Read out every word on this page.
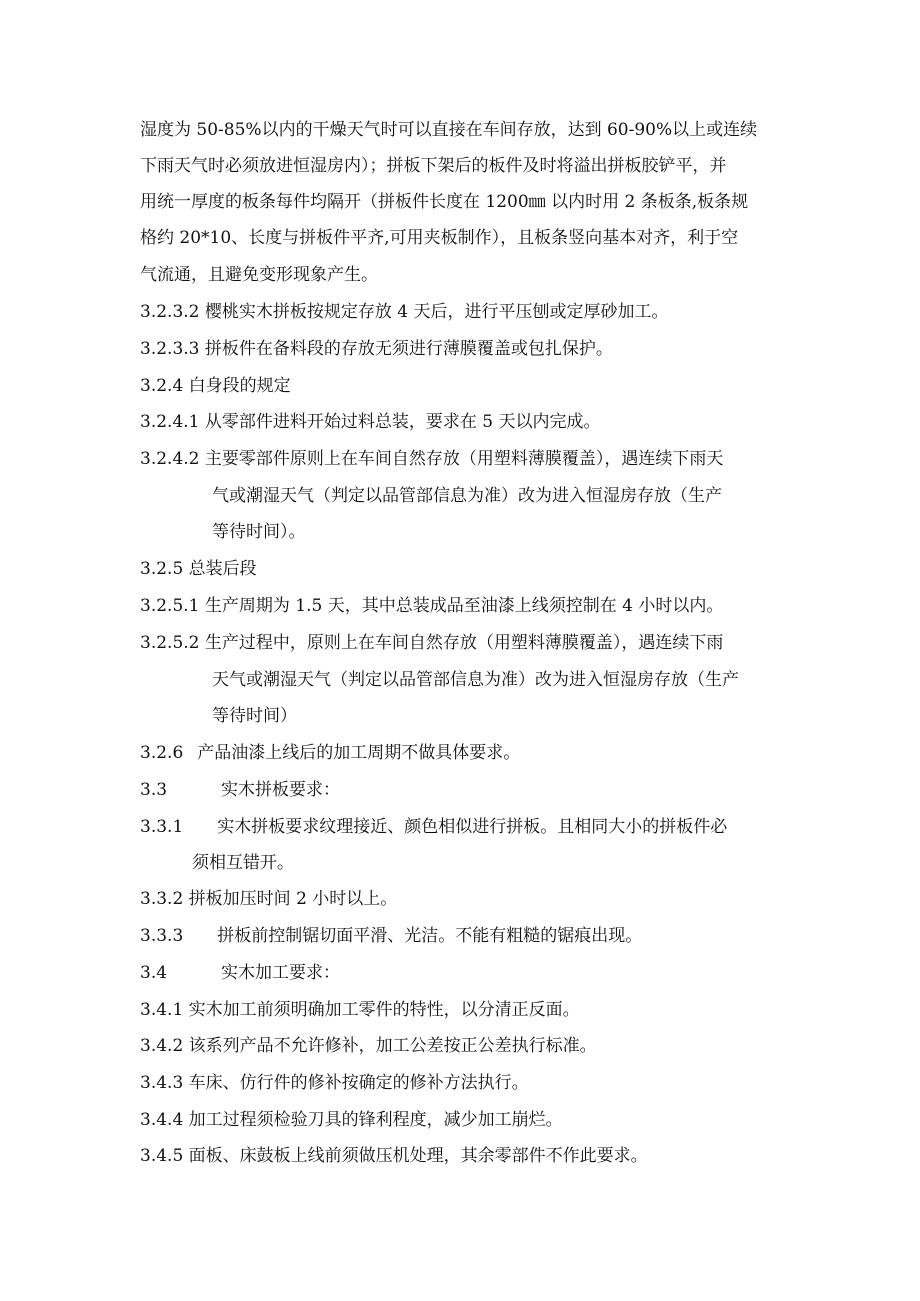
湿度为 50-85%以内的干燥天气时可以直接在车间存放，达到 60-90%以上或连续
下雨天气时必须放进恒湿房内）；拼板下架后的板件及时将溢出拼板胶铲平，并
用统一厚度的板条每件均隔开（拼板件长度在 1200㎜ 以内时用 2 条板条,板条规
格约 20*10、长度与拼板件平齐,可用夹板制作），且板条竖向基本对齐，利于空
气流通，且避免变形现象产生。
3.2.3.2 樱桃实木拼板按规定存放 4 天后，进行平压刨或定厚砂加工。
3.2.3.3 拼板件在备料段的存放无须进行薄膜覆盖或包扎保护。
3.2.4 白身段的规定
3.2.4.1 从零部件进料开始过料总装，要求在 5 天以内完成。
3.2.4.2 主要零部件原则上在车间自然存放（用塑料薄膜覆盖），遇连续下雨天
气或潮湿天气（判定以品管部信息为准）改为进入恒湿房存放（生产
等待时间）。
3.2.5 总装后段
3.2.5.1 生产周期为 1.5 天，其中总装成品至油漆上线须控制在 4 小时以内。
3.2.5.2 生产过程中，原则上在车间自然存放（用塑料薄膜覆盖），遇连续下雨
天气或潮湿天气（判定以品管部信息为准）改为进入恒湿房存放（生产
等待时间）
3.2.6 产品油漆上线后的加工周期不做具体要求。
3.3	实木拼板要求：
3.3.1 实木拼板要求纹理接近、颜色相似进行拼板。且相同大小的拼板件必
须相互错开。
3.3.2 拼板加压时间 2 小时以上。
3.3.3 拼板前控制锯切面平滑、光洁。不能有粗糙的锯痕出现。
3.4	实木加工要求：
3.4.1 实木加工前须明确加工零件的特性，以分清正反面。
3.4.2 该系列产品不允许修补，加工公差按正公差执行标准。
3.4.3 车床、仿行件的修补按确定的修补方法执行。
3.4.4 加工过程须检验刀具的锋利程度，减少加工崩烂。
3.4.5 面板、床鼓板上线前须做压机处理，其余零部件不作此要求。
